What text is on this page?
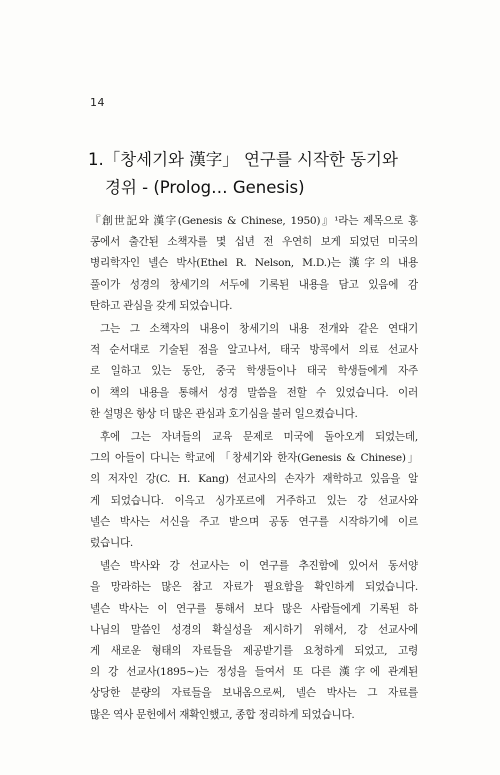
14
1.「창세기와 漢字」 연구를 시작한 동기와
경위 - (Prolog… Genesis)
『創世記와 漢字(Genesis & Chinese, 1950)』¹라는 제목으로 홍
콩에서 출간된 소책자를 몇 십년 전 우연히 보게 되었던 미국의
병리학자인 넬슨 박사(Ethel R. Nelson, M.D.)는 漢字의 내용
풀이가 성경의 창세기의 서두에 기록된 내용을 담고 있음에 감
탄하고 관심을 갖게 되었습니다.
그는 그 소책자의 내용이 창세기의 내용 전개와 같은 연대기
적 순서대로 기술된 점을 알고나서, 태국 방콕에서 의료 선교사
로 일하고 있는 동안, 중국 학생들이나 태국 학생들에게 자주
이 책의 내용을 통해서 성경 말씀을 전할 수 있었습니다. 이러
한 설명은 항상 더 많은 관심과 호기심을 불러 일으켰습니다.
후에 그는 자녀들의 교육 문제로 미국에 돌아오게 되었는데,
그의 아들이 다니는 학교에 「창세기와 한자(Genesis & Chinese)」
의 저자인 강(C. H. Kang) 선교사의 손자가 재학하고 있음을 알
게 되었습니다. 이윽고 싱가포르에 거주하고 있는 강 선교사와
넬슨 박사는 서신을 주고 받으며 공동 연구를 시작하기에 이르
렀습니다.
넬슨 박사와 강 선교사는 이 연구를 추진함에 있어서 동서양
을 망라하는 많은 참고 자료가 필요함을 확인하게 되었습니다.
넬슨 박사는 이 연구를 통해서 보다 많은 사람들에게 기록된 하
나님의 말씀인 성경의 확실성을 제시하기 위해서, 강 선교사에
게 새로운 형태의 자료들을 제공받기를 요청하게 되었고, 고령
의 강 선교사(1895~)는 정성을 들여서 또 다른 漢字에 관계된
상당한 분량의 자료들을 보내옴으로써, 넬슨 박사는 그 자료를
많은 역사 문헌에서 재확인했고, 종합 정리하게 되었습니다.
